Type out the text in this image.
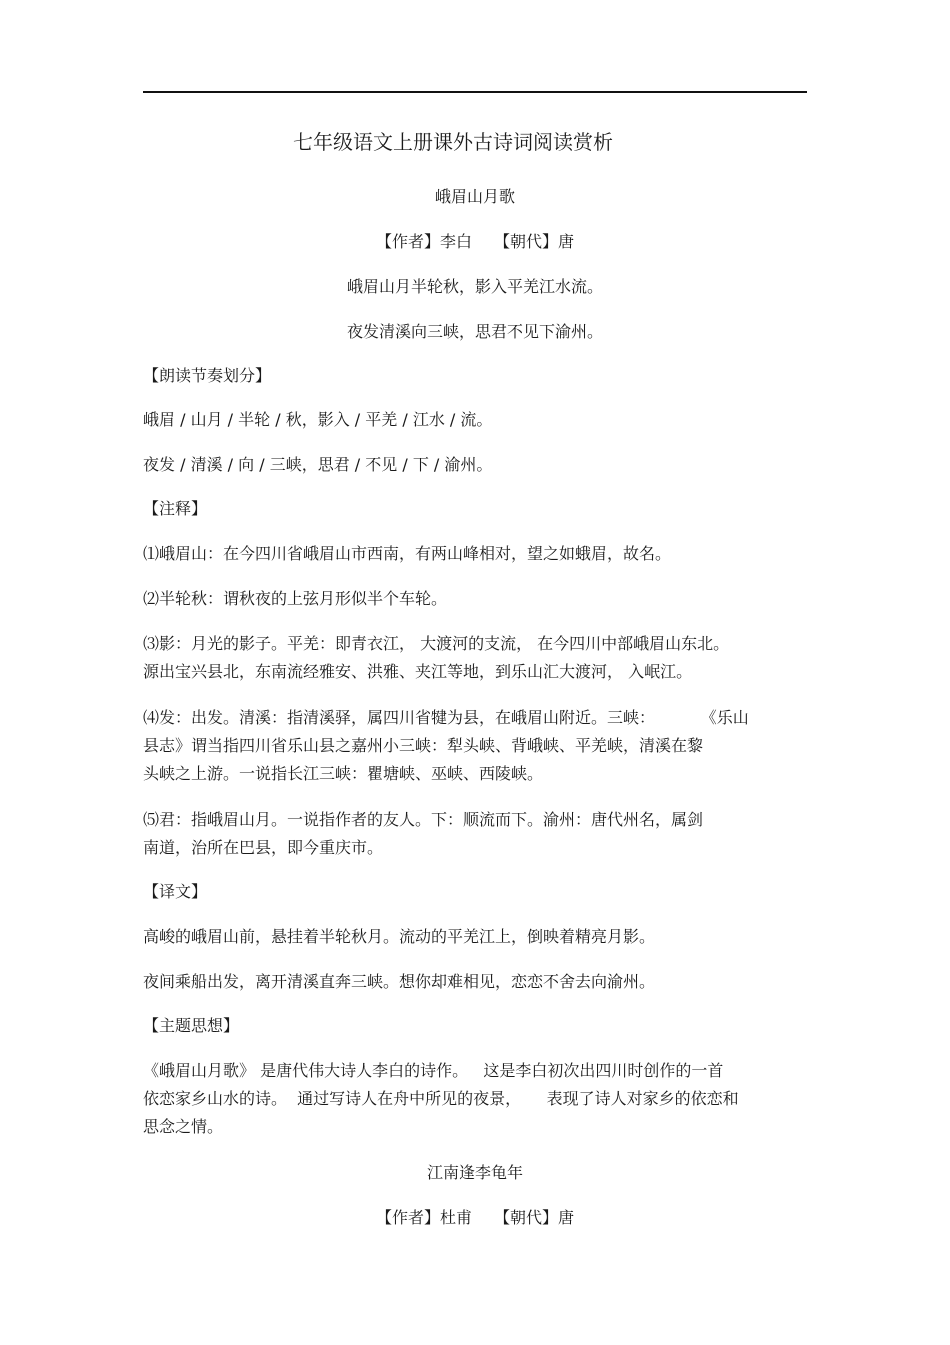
七年级语文上册课外古诗词阅读赏析

峨眉山月歌

【作者】李白 【朝代】唐

峨眉山月半轮秋，影入平羌江水流。

夜发清溪向三峡，思君不见下渝州。

【朗读节奏划分】

峨眉 / 山月 / 半轮 / 秋，影入 / 平羌 / 江水 / 流。

夜发 / 清溪 / 向 / 三峡，思君 / 不见 / 下 / 渝州。

【注释】

⑴峨眉山：在今四川省峨眉山市西南，有两山峰相对，望之如蛾眉，故名。

⑵半轮秋：谓秋夜的上弦月形似半个车轮。

⑶影：月光的影子。平羌：即青衣江， 大渡河的支流， 在今四川中部峨眉山东北。
源出宝兴县北，东南流经雅安、洪雅、夹江等地，到乐山汇大渡河， 入岷江。
⑷发：出发。清溪：指清溪驿，属四川省犍为县，在峨眉山附近。三峡：         《乐山
县志》谓当指四川省乐山县之嘉州小三峡：犁头峡、背峨峡、平羌峡，清溪在黎
头峡之上游。一说指长江三峡：瞿塘峡、巫峡、西陵峡。
⑸君：指峨眉山月。一说指作者的友人。下：顺流而下。渝州：唐代州名，属剑
南道，治所在巴县，即今重庆市。

【译文】

高峻的峨眉山前，悬挂着半轮秋月。流动的平羌江上，倒映着精亮月影。

夜间乘船出发，离开清溪直奔三峡。想你却难相见，恋恋不舍去向渝州。

【主题思想】

《峨眉山月歌》 是唐代伟大诗人李白的诗作。   这是李白初次出四川时创作的一首
依恋家乡山水的诗。  通过写诗人在舟中所见的夜景，     表现了诗人对家乡的依恋和
思念之情。

江南逢李龟年

【作者】杜甫 【朝代】唐
